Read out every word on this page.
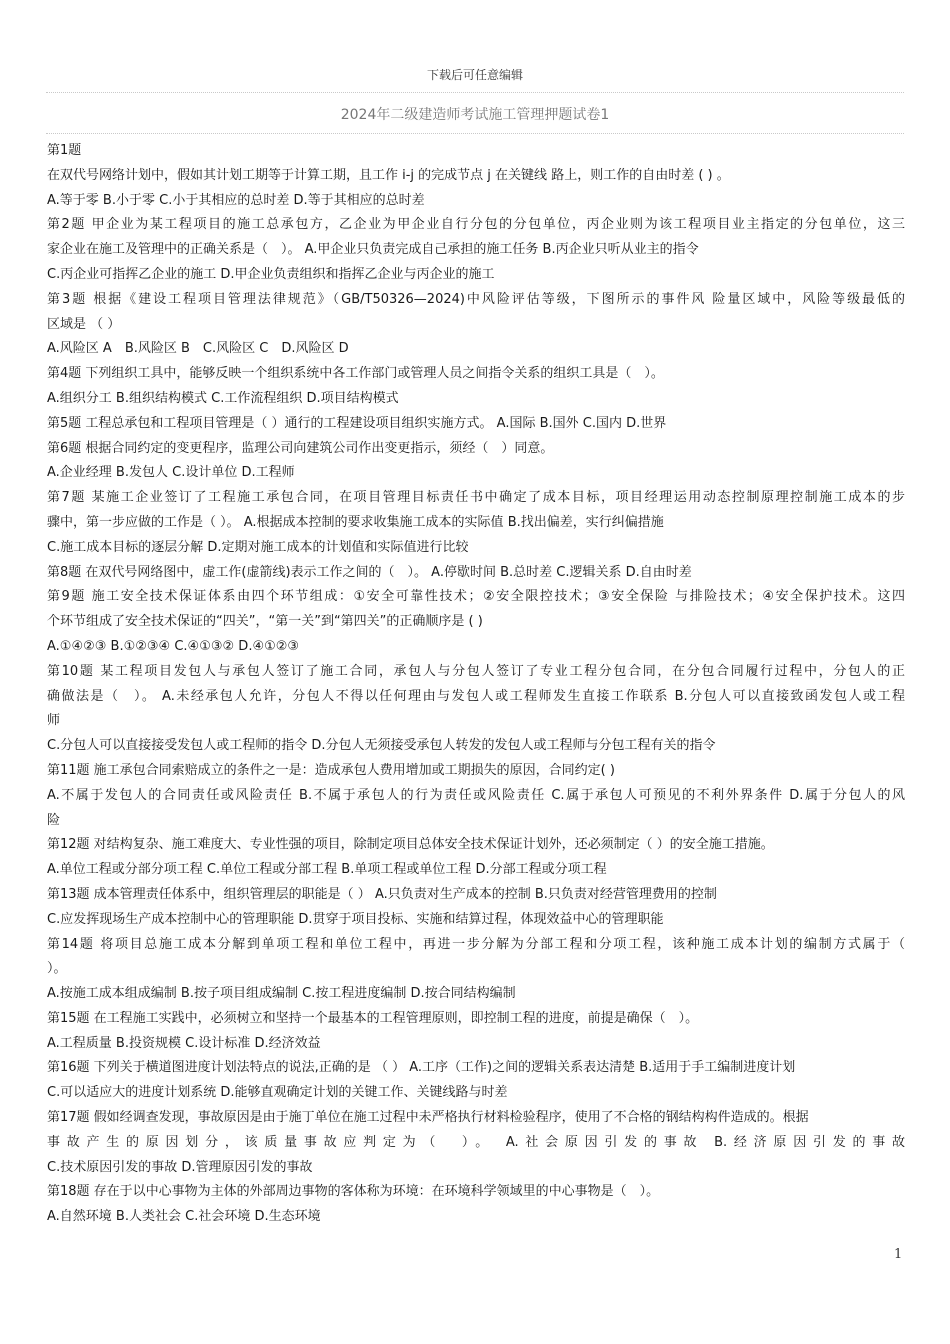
下载后可任意编辑
2024年二级建造师考试施工管理押题试卷1
第1题
在双代号网络计划中，假如其计划工期等于计算工期，且工作 i-j 的完成节点 j 在关键线 路上，则工作的自由时差 ( ) 。
A.等于零 B.小于零 C.小于其相应的总时差 D.等于其相应的总时差
第2题 甲企业为某工程项目的施工总承包方，乙企业为甲企业自行分包的分包单位，丙企业则为该工程项目业主指定的分包单位，这三
家企业在施工及管理中的正确关系是（　）。 A.甲企业只负责完成自己承担的施工任务 B.丙企业只听从业主的指令
C.丙企业可指挥乙企业的施工 D.甲企业负责组织和指挥乙企业与丙企业的施工
第3题 根据《建设工程项目管理法律规范》（GB/T50326—2024)中风险评估等级，下图所示的事件风 险量区域中，风险等级最低的
区域是 （ ）
A.风险区 A　B.风险区 B　C.风险区 C　D.风险区 D
第4题 下列组织工具中，能够反映一个组织系统中各工作部门或管理人员之间指令关系的组织工具是（　）。
A.组织分工 B.组织结构模式 C.工作流程组织 D.项目结构模式
第5题 工程总承包和工程项目管理是（ ）通行的工程建设项目组织实施方式。 A.国际 B.国外 C.国内 D.世界
第6题 根据合同约定的变更程序，监理公司向建筑公司作出变更指示，须经（　）同意。
A.企业经理 B.发包人 C.设计单位 D.工程师
第7题 某施工企业签订了工程施工承包合同，在项目管理目标责任书中确定了成本目标，项目经理运用动态控制原理控制施工成本的步
骤中，第一步应做的工作是（ ）。 A.根据成本控制的要求收集施工成本的实际值 B.找出偏差，实行纠偏措施
C.施工成本目标的逐层分解 D.定期对施工成本的计划值和实际值进行比较
第8题 在双代号网络图中，虚工作(虚箭线)表示工作之间的（　）。 A.停歇时间 B.总时差 C.逻辑关系 D.自由时差
第9题 施工安全技术保证体系由四个环节组成：①安全可靠性技术；②安全限控技术；③安全保险 与排险技术；④安全保护技术。这四
个环节组成了安全技术保证的“四关”，“第一关”到“第四关”的正确顺序是 ( )
A.①④②③ B.①②③④ C.④①③② D.④①②③
第10题 某工程项目发包人与承包人签订了施工合同，承包人与分包人签订了专业工程分包合同，在分包合同履行过程中，分包人的正
确做法是（　）。 A.未经承包人允许，分包人不得以任何理由与发包人或工程师发生直接工作联系 B.分包人可以直接致函发包人或工程
师
C.分包人可以直接接受发包人或工程师的指令 D.分包人无须接受承包人转发的发包人或工程师与分包工程有关的指令
第11题 施工承包合同索赔成立的条件之一是：造成承包人费用增加或工期损失的原因，合同约定( )
A.不属于发包人的合同责任或风险责任 B.不属于承包人的行为责任或风险责任 C.属于承包人可预见的不利外界条件 D.属于分包人的风
险
第12题 对结构复杂、施工难度大、专业性强的项目，除制定项目总体安全技术保证计划外，还必须制定（ ）的安全施工措施。
A.单位工程或分部分项工程 C.单位工程或分部工程 B.单项工程或单位工程 D.分部工程或分项工程
第13题 成本管理责任体系中，组织管理层的职能是（ ） A.只负责对生产成本的控制 B.只负责对经营管理费用的控制
C.应发挥现场生产成本控制中心的管理职能 D.贯穿于项目投标、实施和结算过程，体现效益中心的管理职能
第14题 将项目总施工成本分解到单项工程和单位工程中，再进一步分解为分部工程和分项工程，该种施工成本计划的编制方式属于（
）。
A.按施工成本组成编制 B.按子项目组成编制 C.按工程进度编制 D.按合同结构编制
第15题 在工程施工实践中，必须树立和坚持一个最基本的工程管理原则，即控制工程的进度，前提是确保（　）。
A.工程质量 B.投资规模 C.设计标准 D.经济效益
第16题 下列关于横道图进度计划法特点的说法,正确的是 （ ） A.工序（工作)之间的逻辑关系表达清楚 B.适用于手工编制进度计划
C.可以适应大的进度计划系统 D.能够直观确定计划的关键工作、关键线路与时差
第17题 假如经调查发现，事故原因是由于施丁单位在施工过程中未严格执行材料检验程序，使用了不合格的钢结构构件造成的。根据
事故产生的原因划分，该质量事故应判定为（　）。 A.社会原因引发的事故 B.经济原因引发的事故
C.技术原因引发的事故 D.管理原因引发的事故
第18题 存在于以中心事物为主体的外部周边事物的客体称为环境：在环境科学领域里的中心事物是（　）。
A.自然环境 B.人类社会 C.社会环境 D.生态环境
1
